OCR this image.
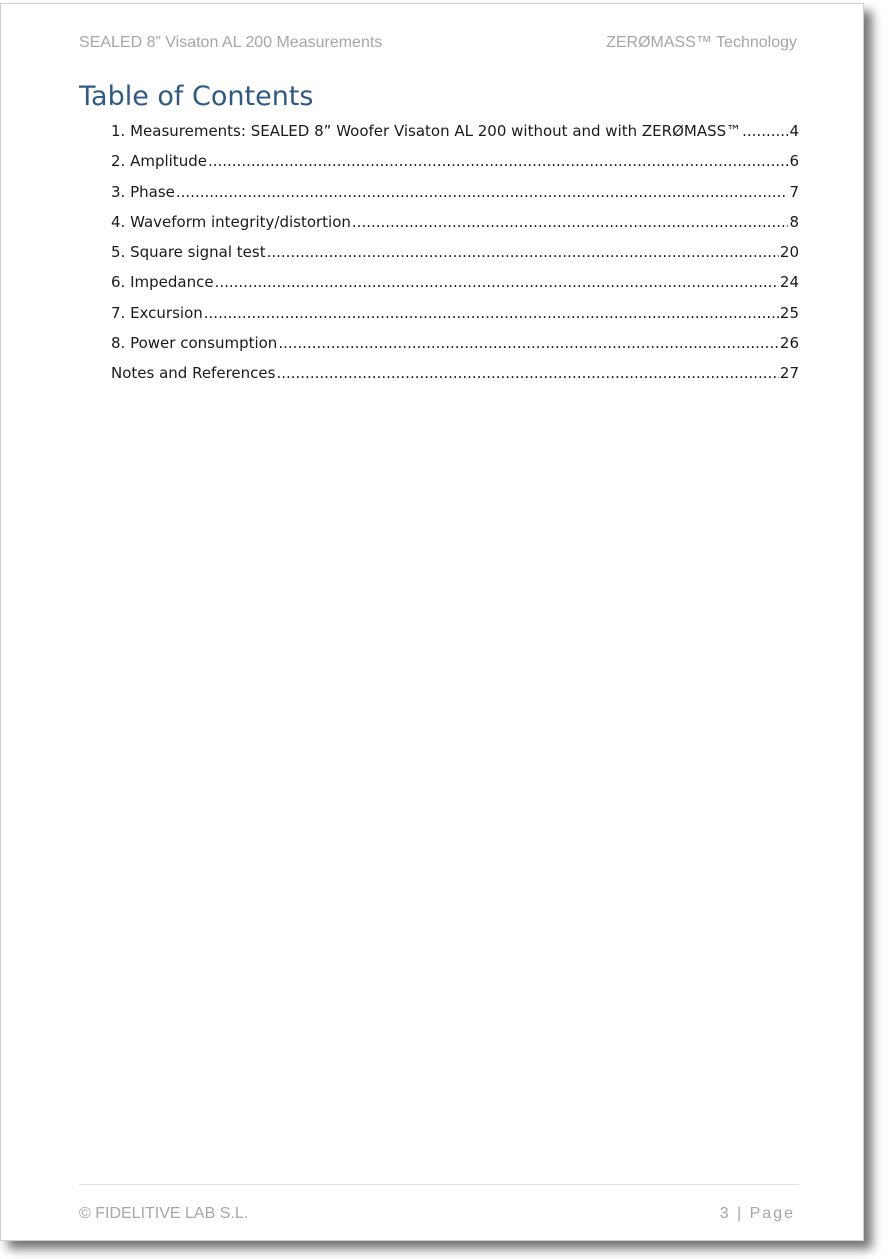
SEALED 8” Visaton AL 200 Measurements	ZERØMASS™ Technology
Table of Contents
1. Measurements: SEALED 8” Woofer Visaton AL 200 without and with ZERØMASS™ .....	4
2. Amplitude .....	6
3. Phase .....	7
4. Waveform integrity/distortion .....	8
5. Square signal test .....	20
6. Impedance .....	24
7. Excursion .....	25
8. Power consumption .....	26
Notes and References .....	27
© FIDELITIVE LAB S.L.	3 | Page
